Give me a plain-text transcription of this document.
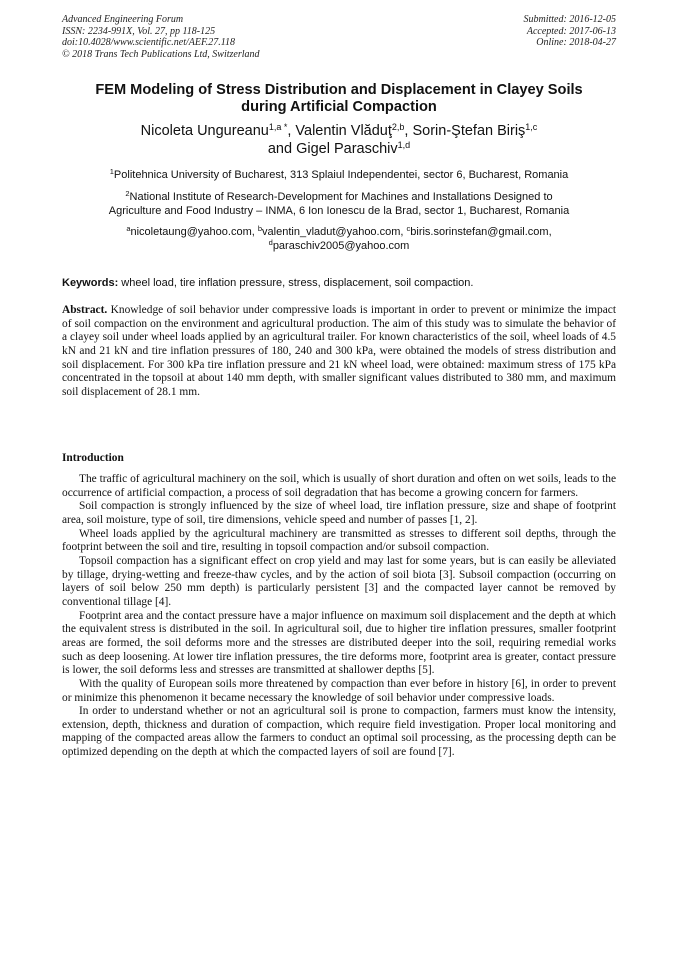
Advanced Engineering Forum
ISSN: 2234-991X, Vol. 27, pp 118-125
doi:10.4028/www.scientific.net/AEF.27.118
© 2018 Trans Tech Publications Ltd, Switzerland
Submitted: 2016-12-05
Accepted: 2017-06-13
Online: 2018-04-27
FEM Modeling of Stress Distribution and Displacement in Clayey Soils
during Artificial Compaction
Nicoleta Ungureanu$^{1,a *}$, Valentin Vlăduţ$^{2,b}$, Sorin-Ştefan Biriş$^{1,c}$
and Gigel Paraschiv$^{1,d}$
$^1$Politehnica University of Bucharest, 313 Splaiul Independentei, sector 6, Bucharest, Romania
$^2$National Institute of Research-Development for Machines and Installations Designed to
Agriculture and Food Industry – INMA, 6 Ion Ionescu de la Brad, sector 1, Bucharest, Romania
$^a$nicoletaung@yahoo.com, $^b$valentin_vladut@yahoo.com, $^c$biris.sorinstefan@gmail.com,
$^d$paraschiv2005@yahoo.com
Keywords: wheel load, tire inflation pressure, stress, displacement, soil compaction.
Abstract. Knowledge of soil behavior under compressive loads is important in order to prevent or minimize the impact of soil compaction on the environment and agricultural production. The aim of this study was to simulate the behavior of a clayey soil under wheel loads applied by an agricultural trailer. For known characteristics of the soil, wheel loads of 4.5 kN and 21 kN and tire inflation pressures of 180, 240 and 300 kPa, were obtained the models of stress distribution and soil displacement. For 300 kPa tire inflation pressure and 21 kN wheel load, were obtained: maximum stress of 175 kPa concentrated in the topsoil at about 140 mm depth, with smaller significant values distributed to 380 mm, and maximum soil displacement of 28.1 mm.
Introduction

The traffic of agricultural machinery on the soil, which is usually of short duration and often on wet soils, leads to the occurrence of artificial compaction, a process of soil degradation that has become a growing concern for farmers.

Soil compaction is strongly influenced by the size of wheel load, tire inflation pressure, size and shape of footprint area, soil moisture, type of soil, tire dimensions, vehicle speed and number of passes [1, 2].

Wheel loads applied by the agricultural machinery are transmitted as stresses to different soil depths, through the footprint between the soil and tire, resulting in topsoil compaction and/or subsoil compaction.

Topsoil compaction has a significant effect on crop yield and may last for some years, but is can easily be alleviated by tillage, drying-wetting and freeze-thaw cycles, and by the action of soil biota [3]. Subsoil compaction (occurring on layers of soil below 250 mm depth) is particularly persistent [3] and the compacted layer cannot be removed by conventional tillage [4].

Footprint area and the contact pressure have a major influence on maximum soil displacement and the depth at which the equivalent stress is distributed in the soil. In agricultural soil, due to higher tire inflation pressures, smaller footprint areas are formed, the soil deforms more and the stresses are distributed deeper into the soil, requiring remedial works such as deep loosening. At lower tire inflation pressures, the tire deforms more, footprint area is greater, contact pressure is lower, the soil deforms less and stresses are transmitted at shallower depths [5].

With the quality of European soils more threatened by compaction than ever before in history [6], in order to prevent or minimize this phenomenon it became necessary the knowledge of soil behavior under compressive loads.

In order to understand whether or not an agricultural soil is prone to compaction, farmers must know the intensity, extension, depth, thickness and duration of compaction, which require field investigation. Proper local monitoring and mapping of the compacted areas allow the farmers to conduct an optimal soil processing, as the processing depth can be optimized depending on the depth at which the compacted layers of soil are found [7].
